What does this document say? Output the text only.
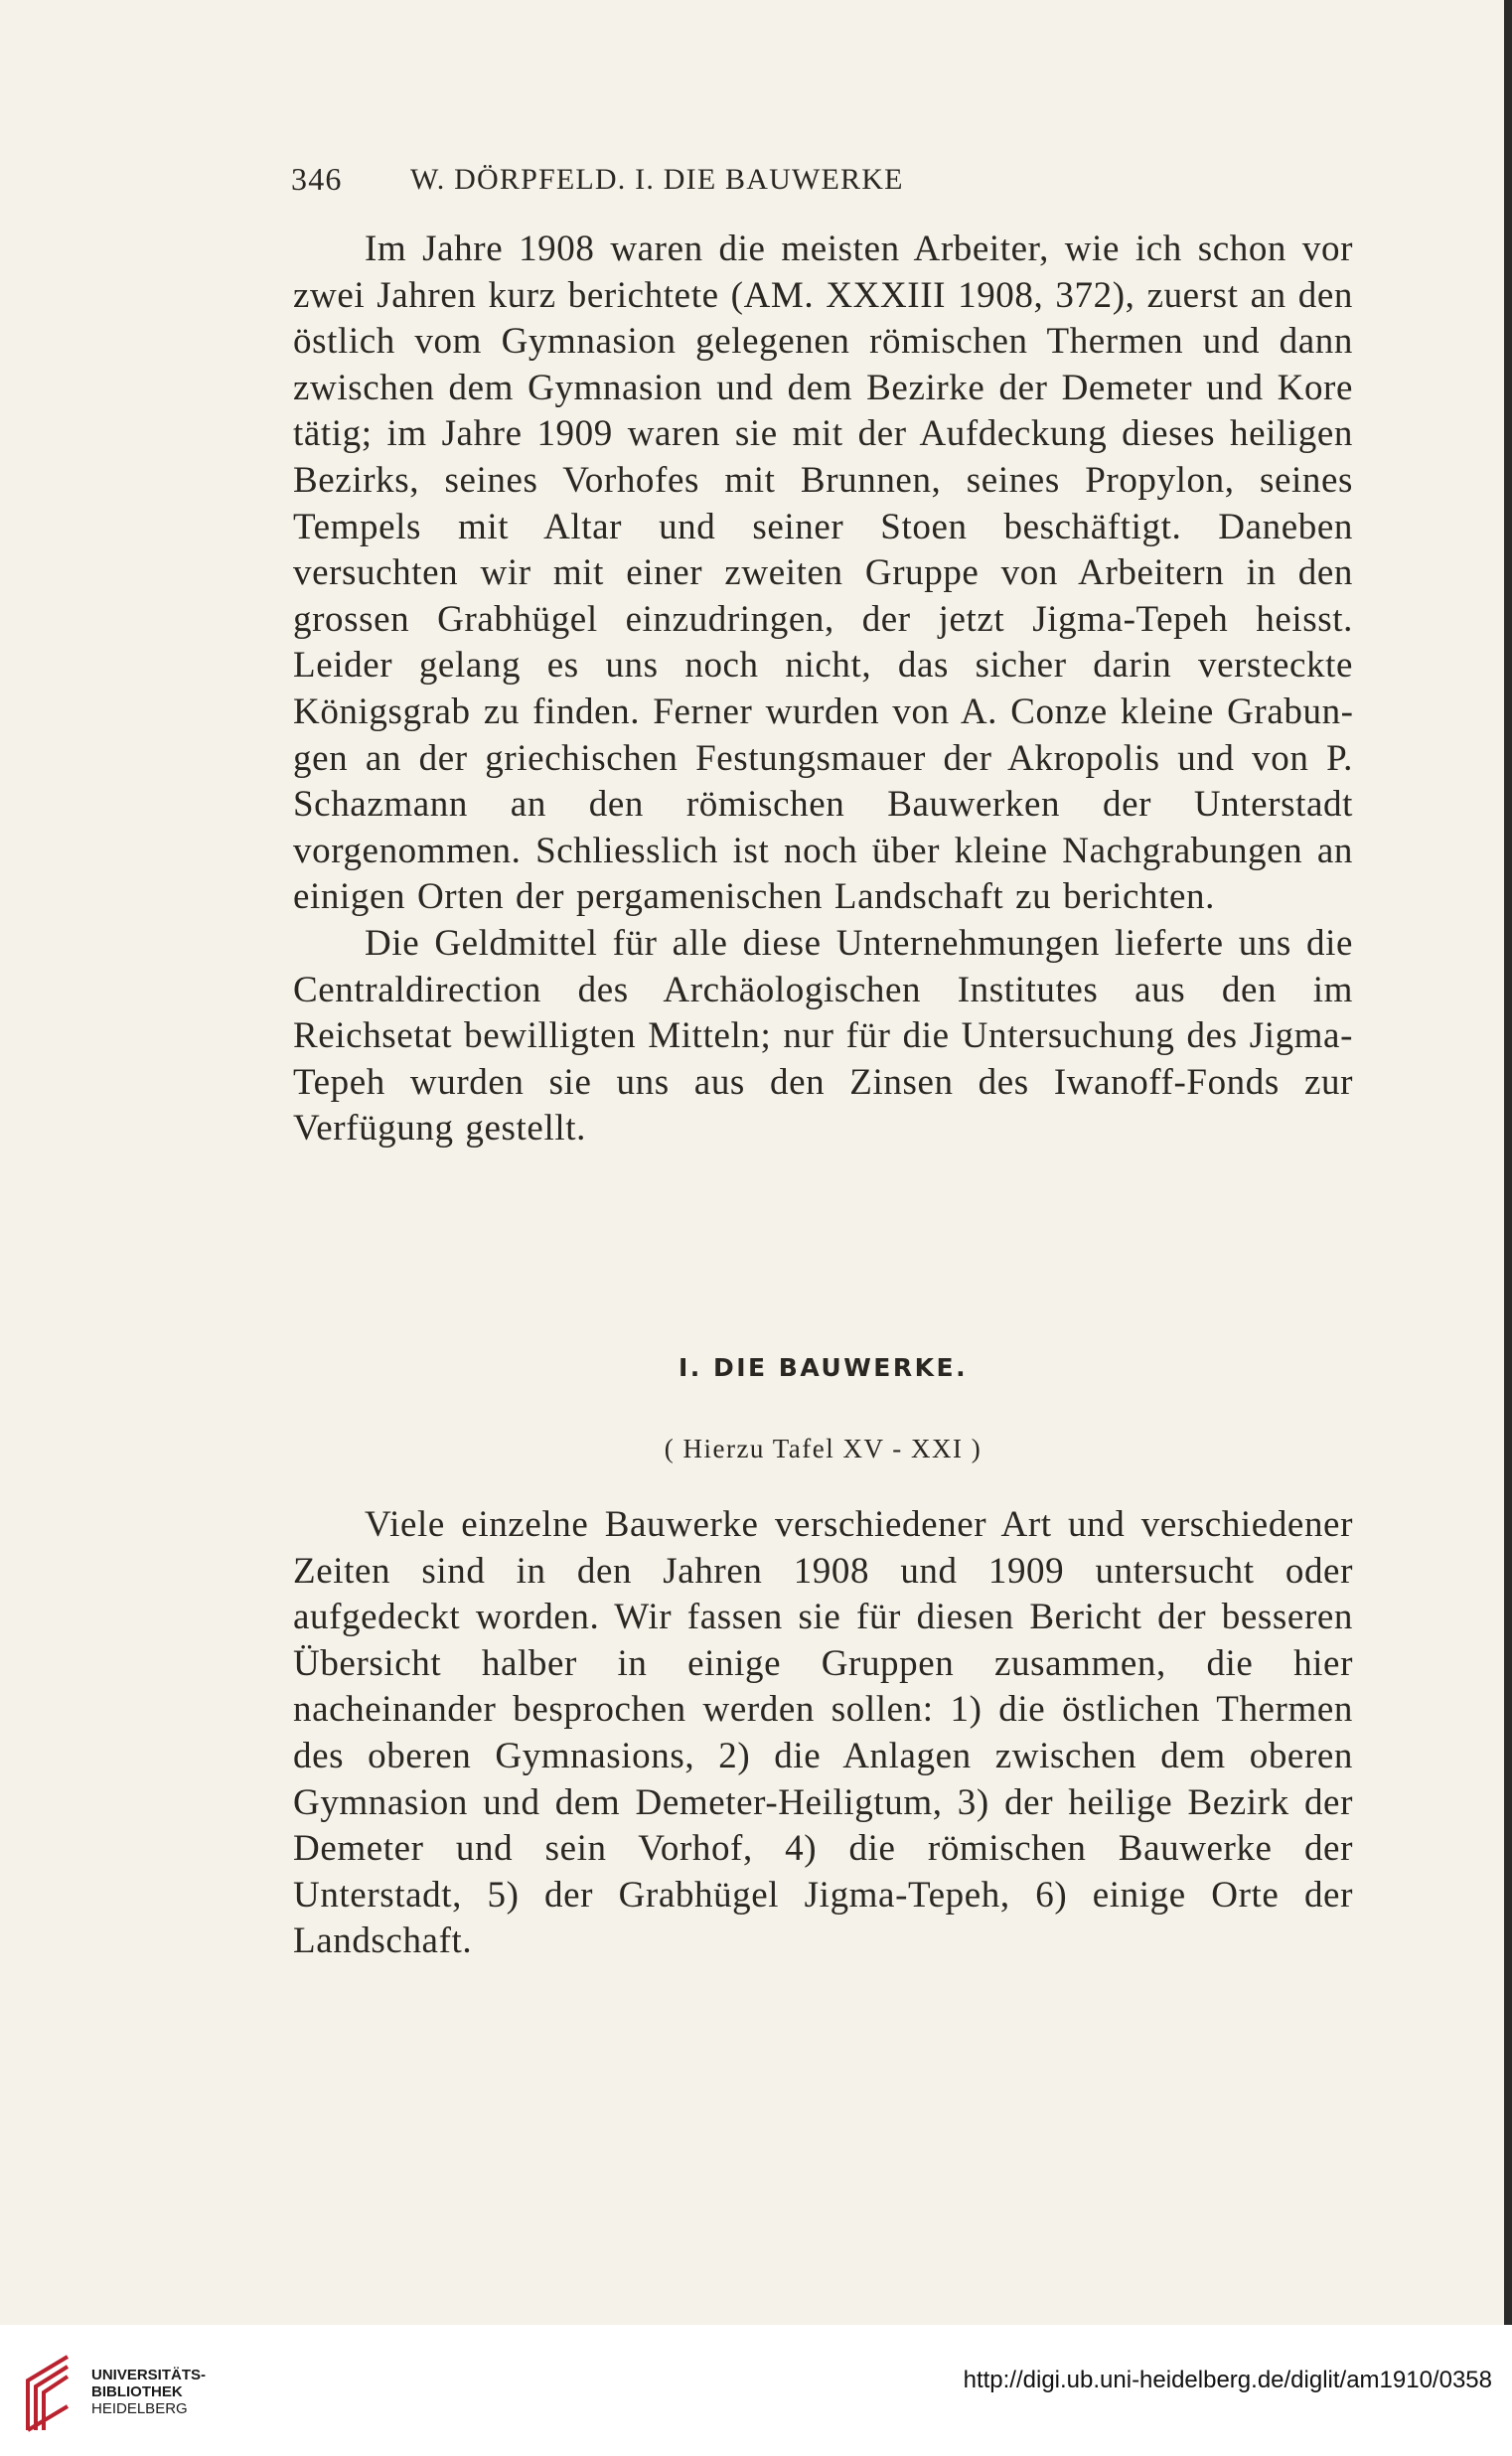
346 W. DÖRPFELD. I. DIE BAUWERKE

Im Jahre 1908 waren die meisten Arbeiter, wie ich schon vor zwei Jahren kurz berichtete (AM. XXXIII 1908, 372), zuerst an den östlich vom Gymnasion gelegenen römischen Thermen und dann zwischen dem Gymnasion und dem Bezirke der Demeter und Kore tätig; im Jahre 1909 waren sie mit der Aufdeckung dieses heiligen Bezirks, seines Vorhofes mit Brunnen, seines Propylon, seines Tempels mit Altar und seiner Stoen beschäftigt. Daneben versuchten wir mit einer zweiten Gruppe von Arbeitern in den grossen Grabhügel einzudringen, der jetzt Jigma-Tepeh heisst. Leider gelang es uns noch nicht, das sicher darin versteckte Königsgrab zu finden. Ferner wurden von A. Conze kleine Grabungen an der griechischen Festungsmauer der Akropolis und von P. Schazmann an den römischen Bauwerken der Unterstadt vorgenommen. Schliesslich ist noch über kleine Nachgrabungen an einigen Orten der pergamenischen Landschaft zu berichten.

Die Geldmittel für alle diese Unternehmungen lieferte uns die Centraldirection des Archäologischen Institutes aus den im Reichsetat bewilligten Mitteln; nur für die Untersuchung des Jigma-Tepeh wurden sie uns aus den Zinsen des Iwanoff-Fonds zur Verfügung gestellt.

I. DIE BAUWERKE.
( Hierzu Tafel XV - XXI )

Viele einzelne Bauwerke verschiedener Art und verschiedener Zeiten sind in den Jahren 1908 und 1909 untersucht oder aufgedeckt worden. Wir fassen sie für diesen Bericht der besseren Übersicht halber in einige Gruppen zusammen, die hier nacheinander besprochen werden sollen: 1) die östlichen Thermen des oberen Gymnasions, 2) die Anlagen zwischen dem oberen Gymnasion und dem Demeter-Heiligtum, 3) der heilige Bezirk der Demeter und sein Vorhof, 4) die römischen Bauwerke der Unterstadt, 5) der Grabhügel Jigma-Tepeh, 6) einige Orte der Landschaft.

UNIVERSITÄTS-
BIBLIOTHEK
HEIDELBERG
http://digi.ub.uni-heidelberg.de/diglit/am1910/0358
